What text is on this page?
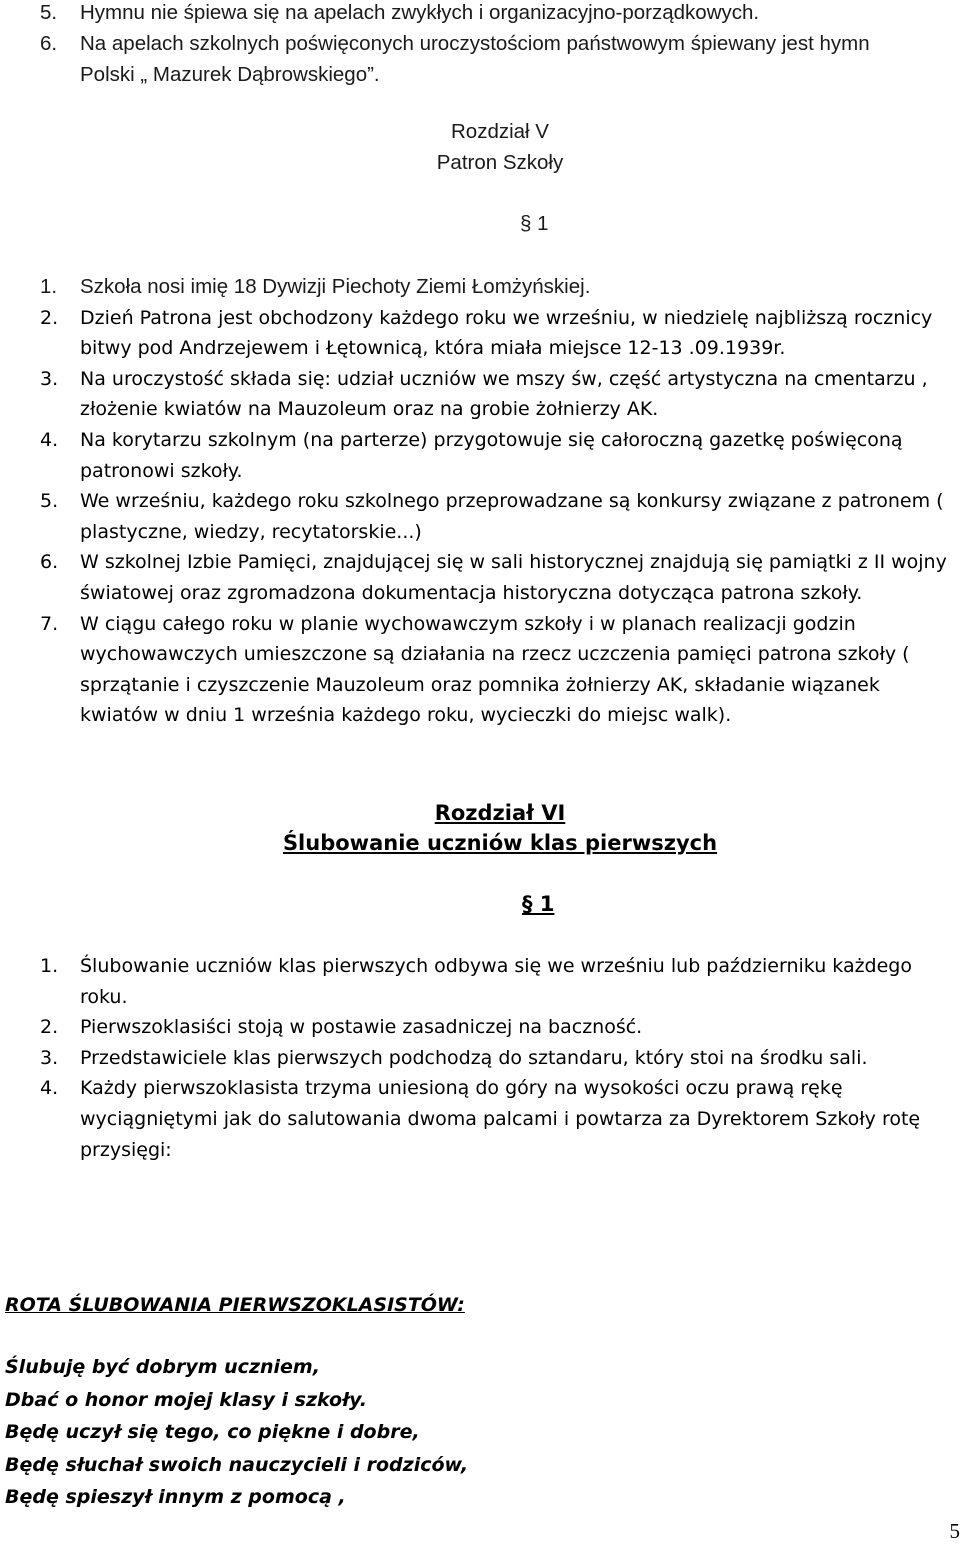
5. Hymnu nie śpiewa się na apelach zwykłych i organizacyjno-porządkowych.
6. Na apelach szkolnych poświęconych uroczystościom państwowym śpiewany jest hymn Polski „ Mazurek Dąbrowskiego”.
Rozdział V
Patron Szkoły
§ 1
1. Szkoła nosi imię 18 Dywizji Piechoty Ziemi Łomżyńskiej.
2. Dzień Patrona jest obchodzony każdego roku we wrześniu, w niedzielę najbliższą rocznicy bitwy pod Andrzejewem i Łętownicą, która miała miejsce 12-13 .09.1939r.
3. Na uroczystość składa się: udział uczniów we mszy św, część artystyczna na cmentarzu , złożenie kwiatów na Mauzoleum oraz na grobie żołnierzy AK.
4. Na korytarzu szkolnym (na parterze) przygotowuje się całoroczną gazetkę poświęconą patronowi szkoły.
5. We wrześniu, każdego roku szkolnego przeprowadzane są konkursy związane z patronem ( plastyczne, wiedzy, recytatorskie...)
6. W szkolnej Izbie Pamięci, znajdującej się w sali historycznej znajdują się pamiątki z II wojny światowej oraz zgromadzona dokumentacja historyczna dotycząca patrona szkoły.
7. W ciągu całego roku w planie wychowawczym szkoły i w planach realizacji godzin wychowawczych umieszczone są działania na rzecz uczczenia pamięci patrona szkoły ( sprzątanie i czyszczenie Mauzoleum oraz pomnika żołnierzy AK, składanie wiązanek kwiatów w dniu 1 września każdego roku, wycieczki do miejsc walk).
Rozdział VI
Ślubowanie uczniów klas pierwszych
§ 1
1. Ślubowanie uczniów klas pierwszych odbywa się we wrześniu lub październiku każdego roku.
2. Pierwszoklasiści stoją w postawie zasadniczej na baczność.
3. Przedstawiciele klas pierwszych podchodzą do sztandaru, który stoi na środku sali.
4. Każdy pierwszoklasista trzyma uniesioną do góry na wysokości oczu prawą rękę wyciągniętymi jak do salutowania dwoma palcami i powtarza za Dyrektorem Szkoły rotę przysięgi:
ROTA ŚLUBOWANIA PIERWSZOKLASISTÓW:
Ślubuję być dobrym uczniem,
Dbać o honor mojej klasy i szkoły.
Będę uczył się tego, co piękne i dobre,
Będę słuchał swoich nauczycieli i rodziców,
Będę spieszył innym z pomocą ,
5
